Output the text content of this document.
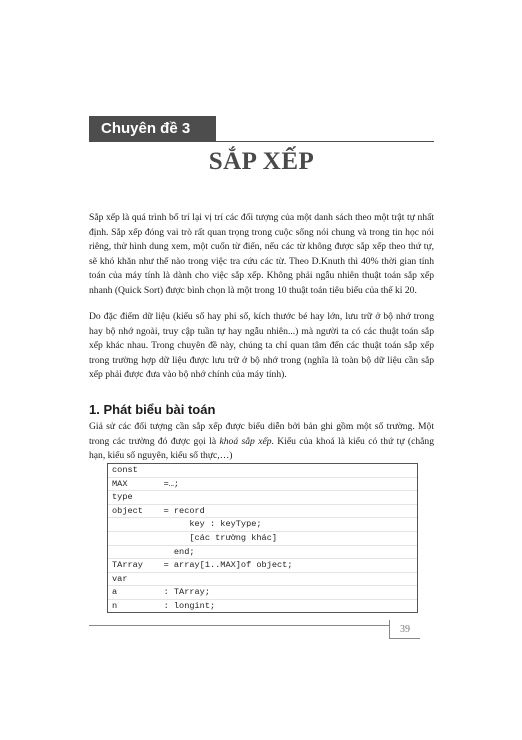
Chuyên đề 3
SẮP XẾP

Sắp xếp là quá trình bố trí lại vị trí các đối tượng của một danh sách theo một trật tự nhất định. Sắp xếp đóng vai trò rất quan trọng trong cuộc sống nói chung và trong tin học nói riêng, thử hình dung xem, một cuốn từ điển, nếu các từ không được sắp xếp theo thứ tự, sẽ khó khăn như thế nào trong việc tra cứu các từ. Theo D.Knuth thì 40% thời gian tính toán của máy tính là dành cho việc sắp xếp. Không phải ngẫu nhiên thuật toán sắp xếp nhanh (Quick Sort) được bình chọn là một trong 10 thuật toán tiêu biểu của thế kỉ 20.

Do đặc điểm dữ liệu (kiểu số hay phi số, kích thước bé hay lớn, lưu trữ ở bộ nhớ trong hay bộ nhớ ngoài, truy cập tuần tự hay ngẫu nhiên...) mà người ta có các thuật toán sắp xếp khác nhau. Trong chuyên đề này, chúng ta chỉ quan tâm đến các thuật toán sắp xếp trong trường hợp dữ liệu được lưu trữ ở bộ nhớ trong (nghĩa là toàn bộ dữ liệu cần sắp xếp phải được đưa vào bộ nhớ chính của máy tính).

1. Phát biểu bài toán

Giả sử các đối tượng cần sắp xếp được biểu diễn bởi bản ghi gồm một số trường. Một trong các trường đó được gọi là khoá sắp xếp. Kiểu của khoá là kiểu có thứ tự (chẳng hạn, kiểu số nguyên, kiểu số thực,…)

const
MAX       =…;
type
object    = record
key : keyType;
[các trường khác]
end;
TArray    = array[1..MAX]of object;
var
a         : TArray;
n         : longint;
39
